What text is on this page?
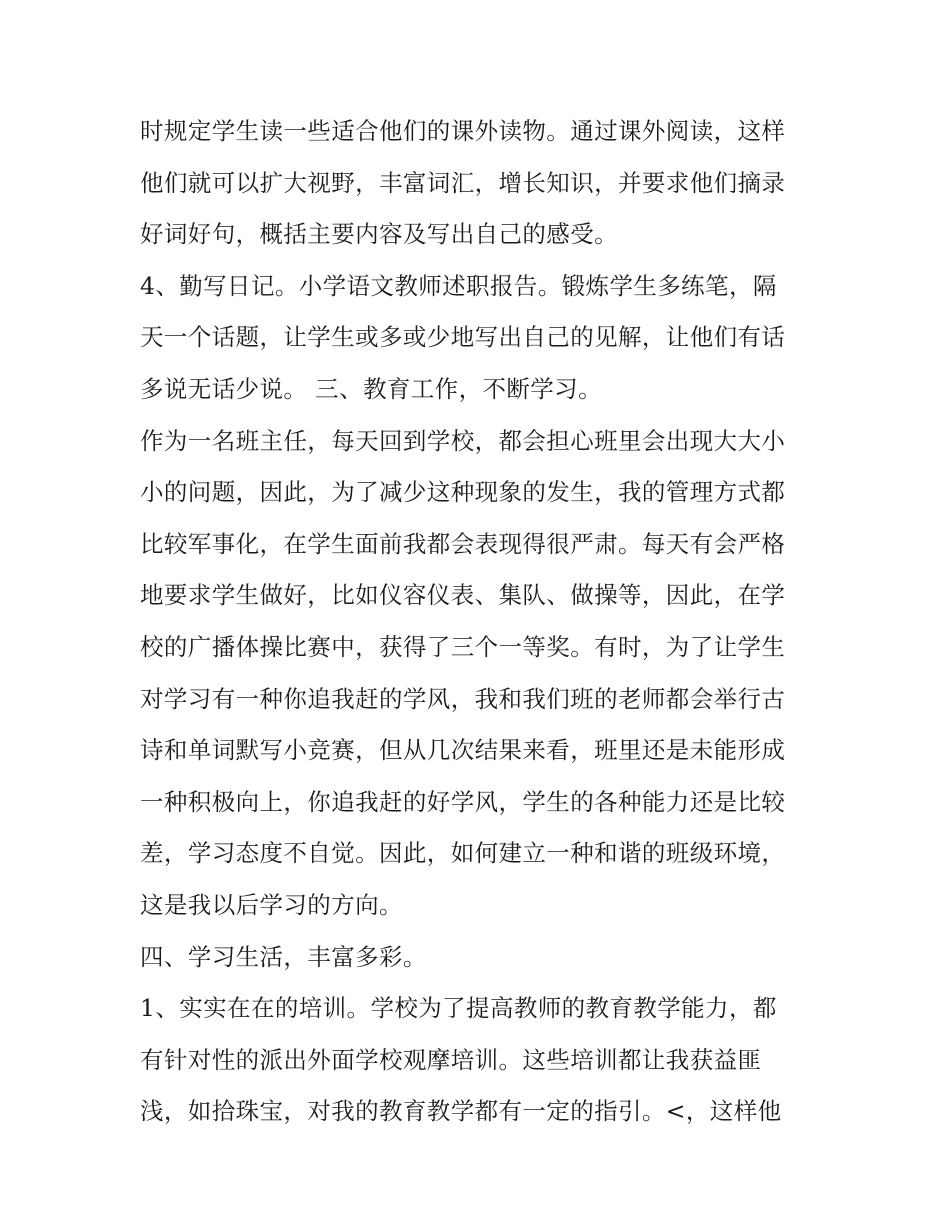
时规定学生读一些适合他们的课外读物。通过课外阅读，这样
他们就可以扩大视野，丰富词汇，增长知识，并要求他们摘录
好词好句，概括主要内容及写出自己的感受。
4、勤写日记。小学语文教师述职报告。锻炼学生多练笔，隔
天一个话题，让学生或多或少地写出自己的见解，让他们有话
多说无话少说。 三、教育工作，不断学习。
作为一名班主任，每天回到学校，都会担心班里会出现大大小
小的问题，因此，为了减少这种现象的发生，我的管理方式都
比较军事化，在学生面前我都会表现得很严肃。每天有会严格
地要求学生做好，比如仪容仪表、集队、做操等，因此，在学
校的广播体操比赛中，获得了三个一等奖。有时，为了让学生
对学习有一种你追我赶的学风，我和我们班的老师都会举行古
诗和单词默写小竞赛，但从几次结果来看，班里还是未能形成
一种积极向上，你追我赶的好学风，学生的各种能力还是比较
差，学习态度不自觉。因此，如何建立一种和谐的班级环境，
这是我以后学习的方向。
四、学习生活，丰富多彩。
1、实实在在的培训。学校为了提高教师的教育教学能力，都
有针对性的派出外面学校观摩培训。这些培训都让我获益匪
浅，如拾珠宝，对我的教育教学都有一定的指引。<，这样他
